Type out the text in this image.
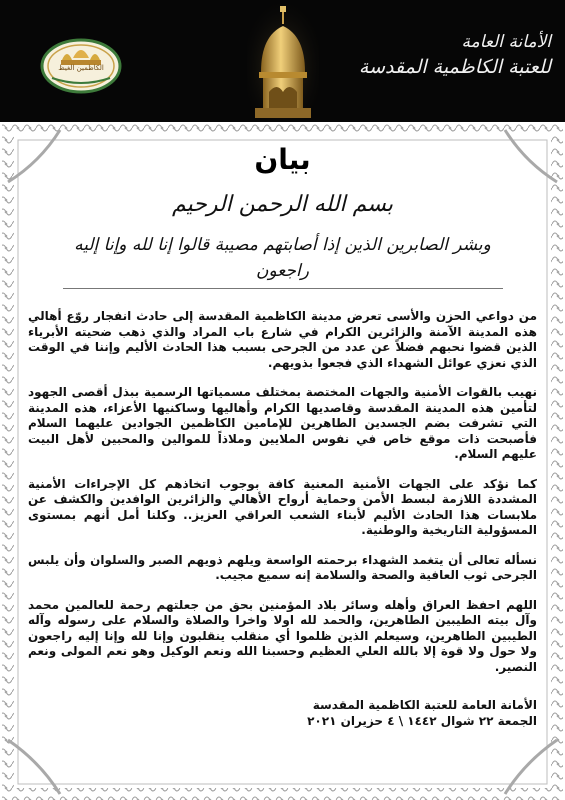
الكاظمين الغيظ
الأمانة العامة
للعتبة الكاظمية المقدسة
بيان
بسم الله الرحمن الرحيم
وبشر الصابرين الذين إذا أصابتهم مصيبة قالوا إنا لله وإنا إليه راجعون

من دواعي الحزن والأسى تعرض مدينة الكاظمية المقدسة إلى حادث انفجار روّع أهالي هذه المدينة الآمنة والزائرين الكرام في شارع باب المراد والذي ذهب ضحيته الأبرياء الذين قضوا نحبهم فضلاً عن عدد من الجرحى بسبب هذا الحادث الأليم وإننا في الوقت الذي نعزي عوائل الشهداء الذي فجعوا بذويهم.

نهيب بالقوات الأمنية والجهات المختصة بمختلف مسمياتها الرسمية ببذل أقصى الجهود لتأمين هذه المدينة المقدسة وقاصديها الكرام وأهاليها وساكنيها الأعزاء، هذه المدينة التي تشرفت بضم الجسدين الطاهرين للإمامين الكاظمين الجوادين عليهما السلام فأصبحت ذات موقع خاص في نفوس الملايين وملاذاً للموالين والمحبين لأهل البيت عليهم السلام.

كما نؤكد على الجهات الأمنية المعنية كافة بوجوب اتخاذهم كل الإجراءات الأمنية المشددة اللازمة لبسط الأمن وحماية أرواح الأهالي والزائرين الوافدين والكشف عن ملابسات هذا الحادث الأليم لأبناء الشعب العراقي العزيز.. وكلنا أمل أنهم بمستوى المسؤولية التاريخية والوطنية.

نسأله تعالى أن يتغمد الشهداء برحمته الواسعة ويلهم ذويهم الصبر والسلوان وأن يلبس الجرحى ثوب العافية والصحة والسلامة إنه سميع مجيب.

اللهم احفظ العراق وأهله وسائر بلاد المؤمنين بحق من جعلتهم رحمة للعالمين محمد وآل بيته الطيبين الطاهرين، والحمد لله اولا واخرا والصلاة والسلام على رسوله وآله الطيبين الطاهرين، وسيعلم الذين ظلموا أي منقلب ينقلبون وإنا لله وإنا إليه راجعون ولا حول ولا قوة إلا بالله العلي العظيم وحسبنا الله ونعم الوكيل وهو نعم المولى ونعم النصير.

الأمانة العامة للعتبة الكاظمية المقدسة
الجمعة ٢٢ شوال ١٤٤٢ \ ٤ حزيران ٢٠٢١
